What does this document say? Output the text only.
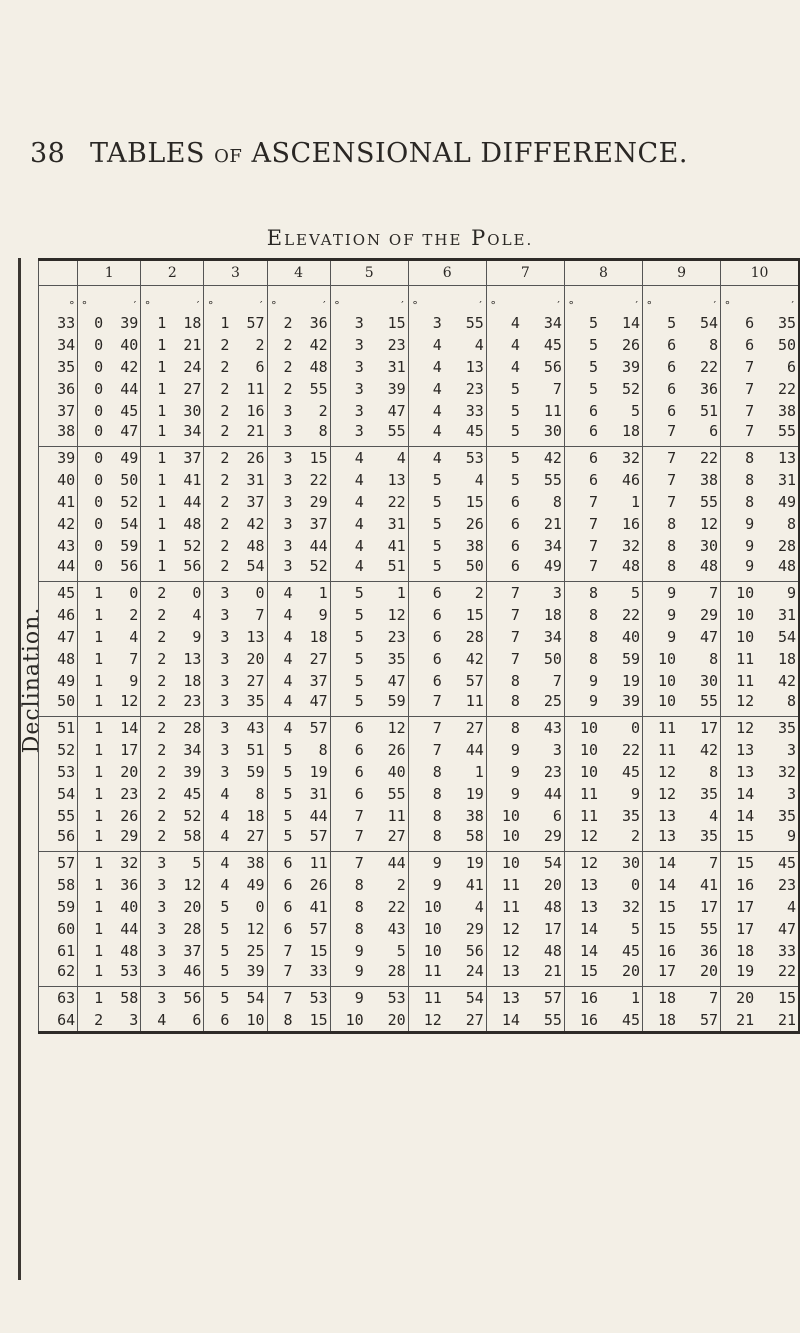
38 TABLES OF ASCENSIONAL DIFFERENCE.
ELEVATION OF THE POLE.
Declination.
	1		2		3		4		5		6		7		8		9		10	
°	°	′	°	′	°	′	°	′	°	′	°	′	°	′	°	′	°	′	°	′
33	0	39	1	18	1	57	2	36	3	15	3	55	4	34	5	14	5	54	6	35
34	0	40	1	21	2	2	2	42	3	23	4	4	4	45	5	26	6	8	6	50
35	0	42	1	24	2	6	2	48	3	31	4	13	4	56	5	39	6	22	7	6
36	0	44	1	27	2	11	2	55	3	39	4	23	5	7	5	52	6	36	7	22
37	0	45	1	30	2	16	3	2	3	47	4	33	5	11	6	5	6	51	7	38
38	0	47	1	34	2	21	3	8	3	55	4	45	5	30	6	18	7	6	7	55
39	0	49	1	37	2	26	3	15	4	4	4	53	5	42	6	32	7	22	8	13
40	0	50	1	41	2	31	3	22	4	13	5	4	5	55	6	46	7	38	8	31
41	0	52	1	44	2	37	3	29	4	22	5	15	6	8	7	1	7	55	8	49
42	0	54	1	48	2	42	3	37	4	31	5	26	6	21	7	16	8	12	9	8
43	0	59	1	52	2	48	3	44	4	41	5	38	6	34	7	32	8	30	9	28
44	0	56	1	56	2	54	3	52	4	51	5	50	6	49	7	48	8	48	9	48
45	1	0	2	0	3	0	4	1	5	1	6	2	7	3	8	5	9	7	10	9
46	1	2	2	4	3	7	4	9	5	12	6	15	7	18	8	22	9	29	10	31
47	1	4	2	9	3	13	4	18	5	23	6	28	7	34	8	40	9	47	10	54
48	1	7	2	13	3	20	4	27	5	35	6	42	7	50	8	59	10	8	11	18
49	1	9	2	18	3	27	4	37	5	47	6	57	8	7	9	19	10	30	11	42
50	1	12	2	23	3	35	4	47	5	59	7	11	8	25	9	39	10	55	12	8
51	1	14	2	28	3	43	4	57	6	12	7	27	8	43	10	0	11	17	12	35
52	1	17	2	34	3	51	5	8	6	26	7	44	9	3	10	22	11	42	13	3
53	1	20	2	39	3	59	5	19	6	40	8	1	9	23	10	45	12	8	13	32
54	1	23	2	45	4	8	5	31	6	55	8	19	9	44	11	9	12	35	14	3
55	1	26	2	52	4	18	5	44	7	11	8	38	10	6	11	35	13	4	14	35
56	1	29	2	58	4	27	5	57	7	27	8	58	10	29	12	2	13	35	15	9
57	1	32	3	5	4	38	6	11	7	44	9	19	10	54	12	30	14	7	15	45
58	1	36	3	12	4	49	6	26	8	2	9	41	11	20	13	0	14	41	16	23
59	1	40	3	20	5	0	6	41	8	22	10	4	11	48	13	32	15	17	17	4
60	1	44	3	28	5	12	6	57	8	43	10	29	12	17	14	5	15	55	17	47
61	1	48	3	37	5	25	7	15	9	5	10	56	12	48	14	45	16	36	18	33
62	1	53	3	46	5	39	7	33	9	28	11	24	13	21	15	20	17	20	19	22
63	1	58	3	56	5	54	7	53	9	53	11	54	13	57	16	1	18	7	20	15
64	2	3	4	6	6	10	8	15	10	20	12	27	14	55	16	45	18	57	21	21
